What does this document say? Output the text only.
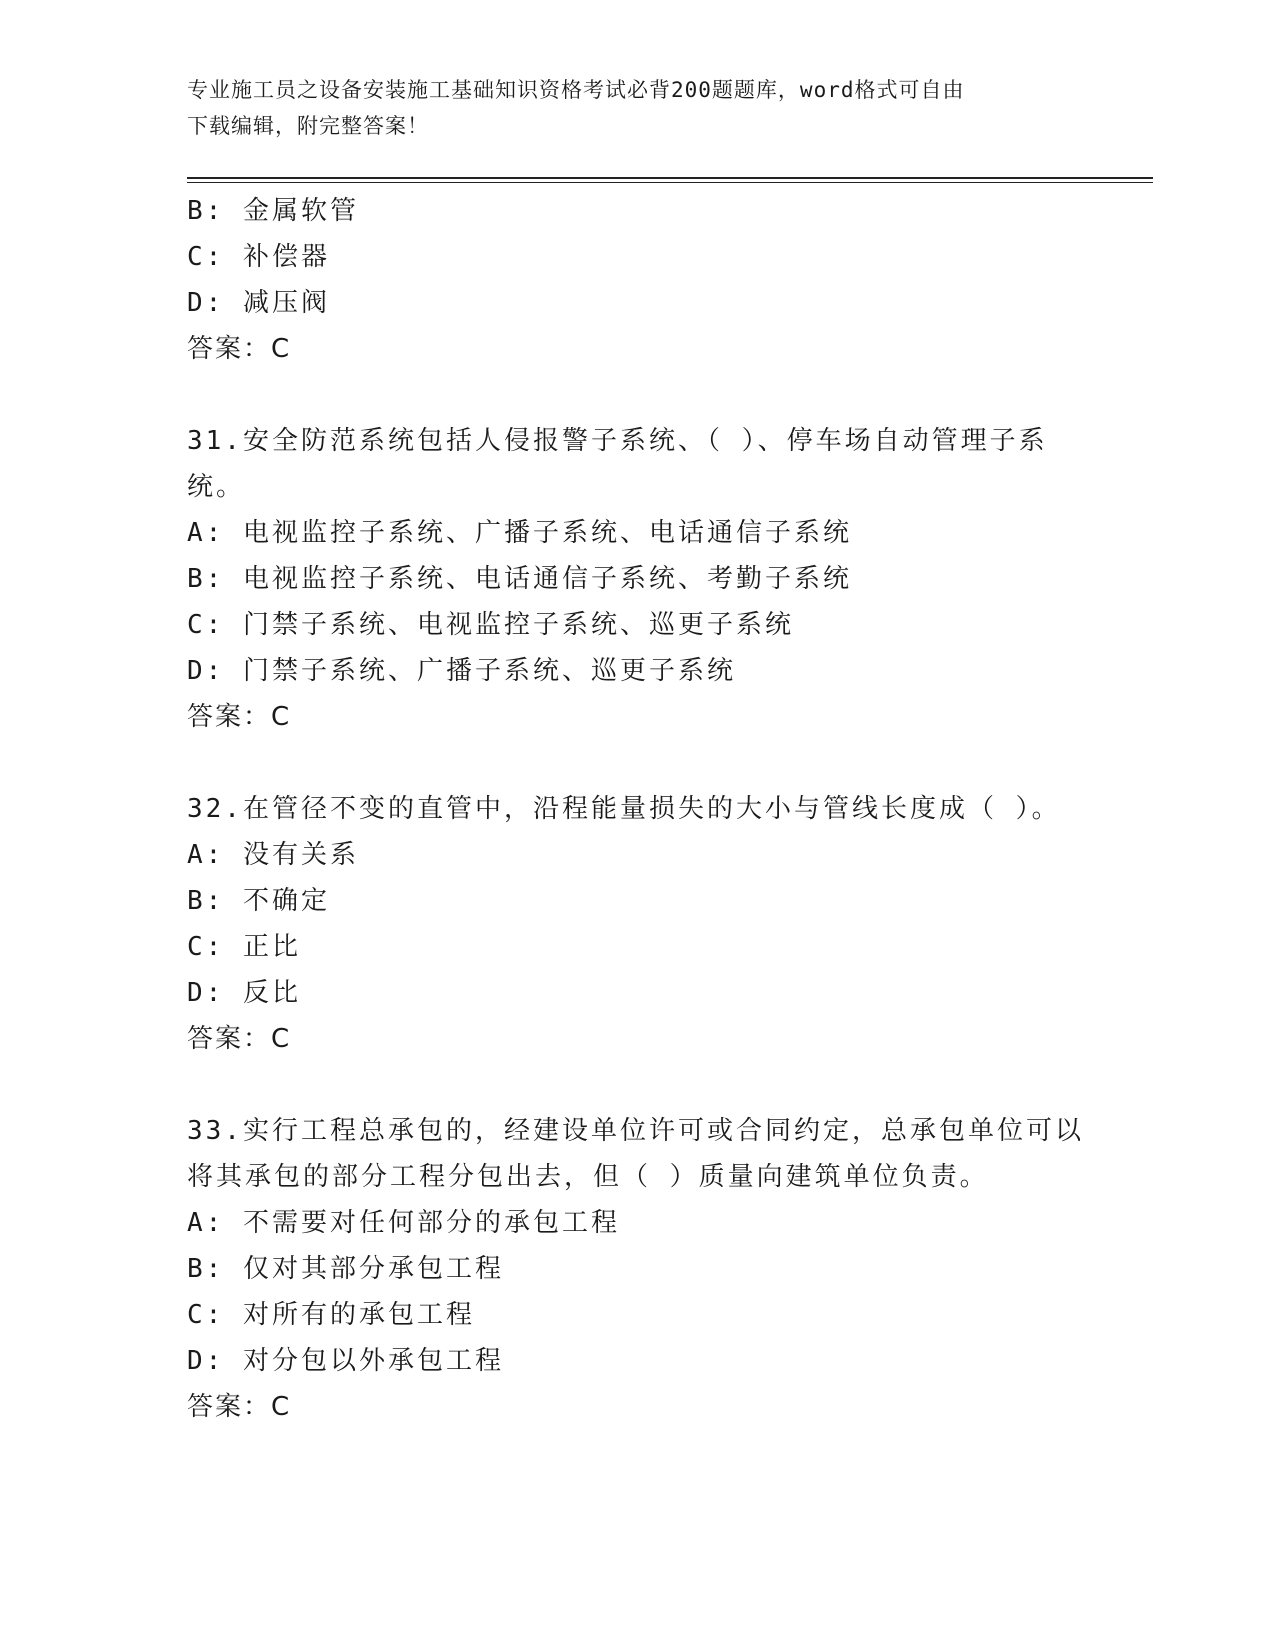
专业施工员之设备安装施工基础知识资格考试必背200题题库，word格式可自由
下载编辑，附完整答案！
B: 金属软管
C: 补偿器
D: 减压阀
答案：C
31.安全防范系统包括人侵报警子系统、（ ）、停车场自动管理子系
统。
A: 电视监控子系统、广播子系统、电话通信子系统
B: 电视监控子系统、电话通信子系统、考勤子系统
C: 门禁子系统、电视监控子系统、巡更子系统
D: 门禁子系统、广播子系统、巡更子系统
答案：C
32.在管径不变的直管中，沿程能量损失的大小与管线长度成（ ）。
A: 没有关系
B: 不确定
C: 正比
D: 反比
答案：C
33.实行工程总承包的，经建设单位许可或合同约定，总承包单位可以
将其承包的部分工程分包出去，但（ ）质量向建筑单位负责。
A: 不需要对任何部分的承包工程
B: 仅对其部分承包工程
C: 对所有的承包工程
D: 对分包以外承包工程
答案：C
